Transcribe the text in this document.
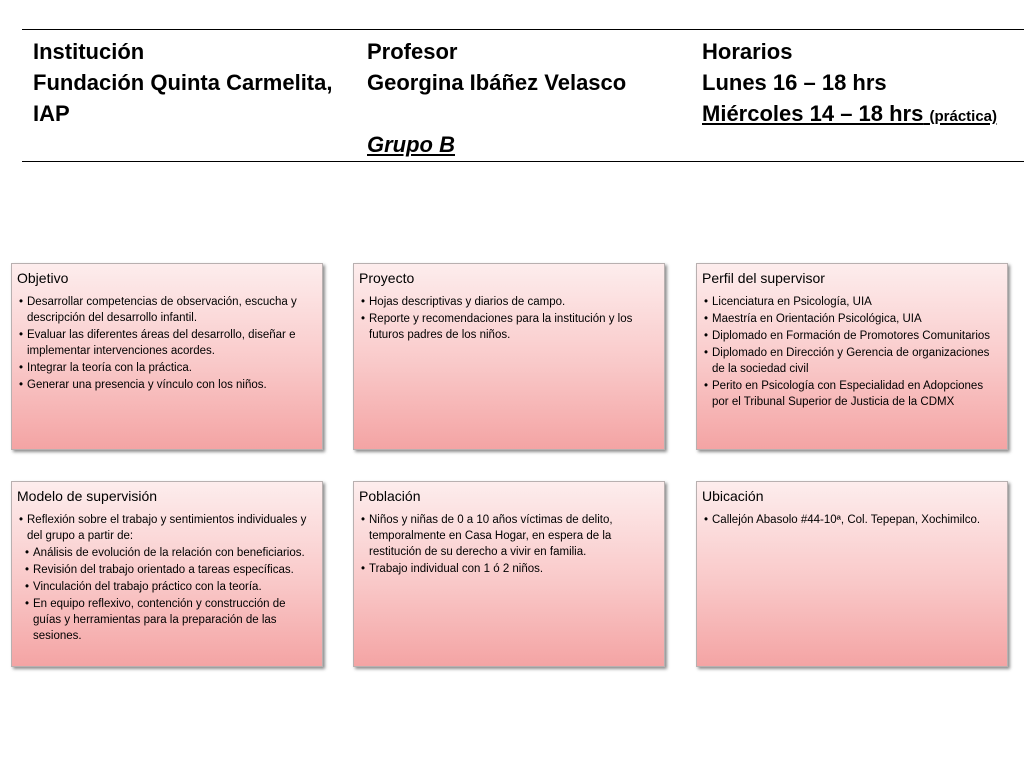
Institución
Fundación Quinta Carmelita,
IAP
Profesor
Georgina Ibáñez Velasco
Grupo B
Horarios
Lunes 16 – 18 hrs
Miércoles 14 – 18 hrs (práctica)
Objetivo
• Desarrollar competencias de observación, escucha y descripción del desarrollo infantil.
• Evaluar las diferentes áreas del desarrollo, diseñar e implementar intervenciones acordes.
• Integrar la teoría con la práctica.
• Generar una presencia y vínculo con los niños.
Proyecto
• Hojas descriptivas y diarios de campo.
• Reporte y recomendaciones para la institución y los futuros padres de los niños.
Perfil del supervisor
• Licenciatura en Psicología, UIA
• Maestría en Orientación Psicológica, UIA
• Diplomado en Formación de Promotores Comunitarios
• Diplomado en Dirección y Gerencia de organizaciones de la sociedad civil
• Perito en Psicología con Especialidad en Adopciones por el Tribunal Superior de Justicia de la CDMX
Modelo de supervisión
• Reflexión sobre el trabajo y sentimientos individuales y del grupo a partir de:
• Análisis de evolución de la relación con beneficiarios.
• Revisión del trabajo orientado a tareas específicas.
• Vinculación del trabajo práctico con la teoría.
• En equipo reflexivo, contención y construcción de guías y herramientas para la preparación de las sesiones.
Población
• Niños y niñas de 0 a 10 años víctimas de delito, temporalmente en Casa Hogar, en espera de la restitución de su derecho a vivir en familia.
• Trabajo individual con 1 ó 2 niños.
Ubicación
• Callejón Abasolo #44-10ª, Col. Tepepan, Xochimilco.
